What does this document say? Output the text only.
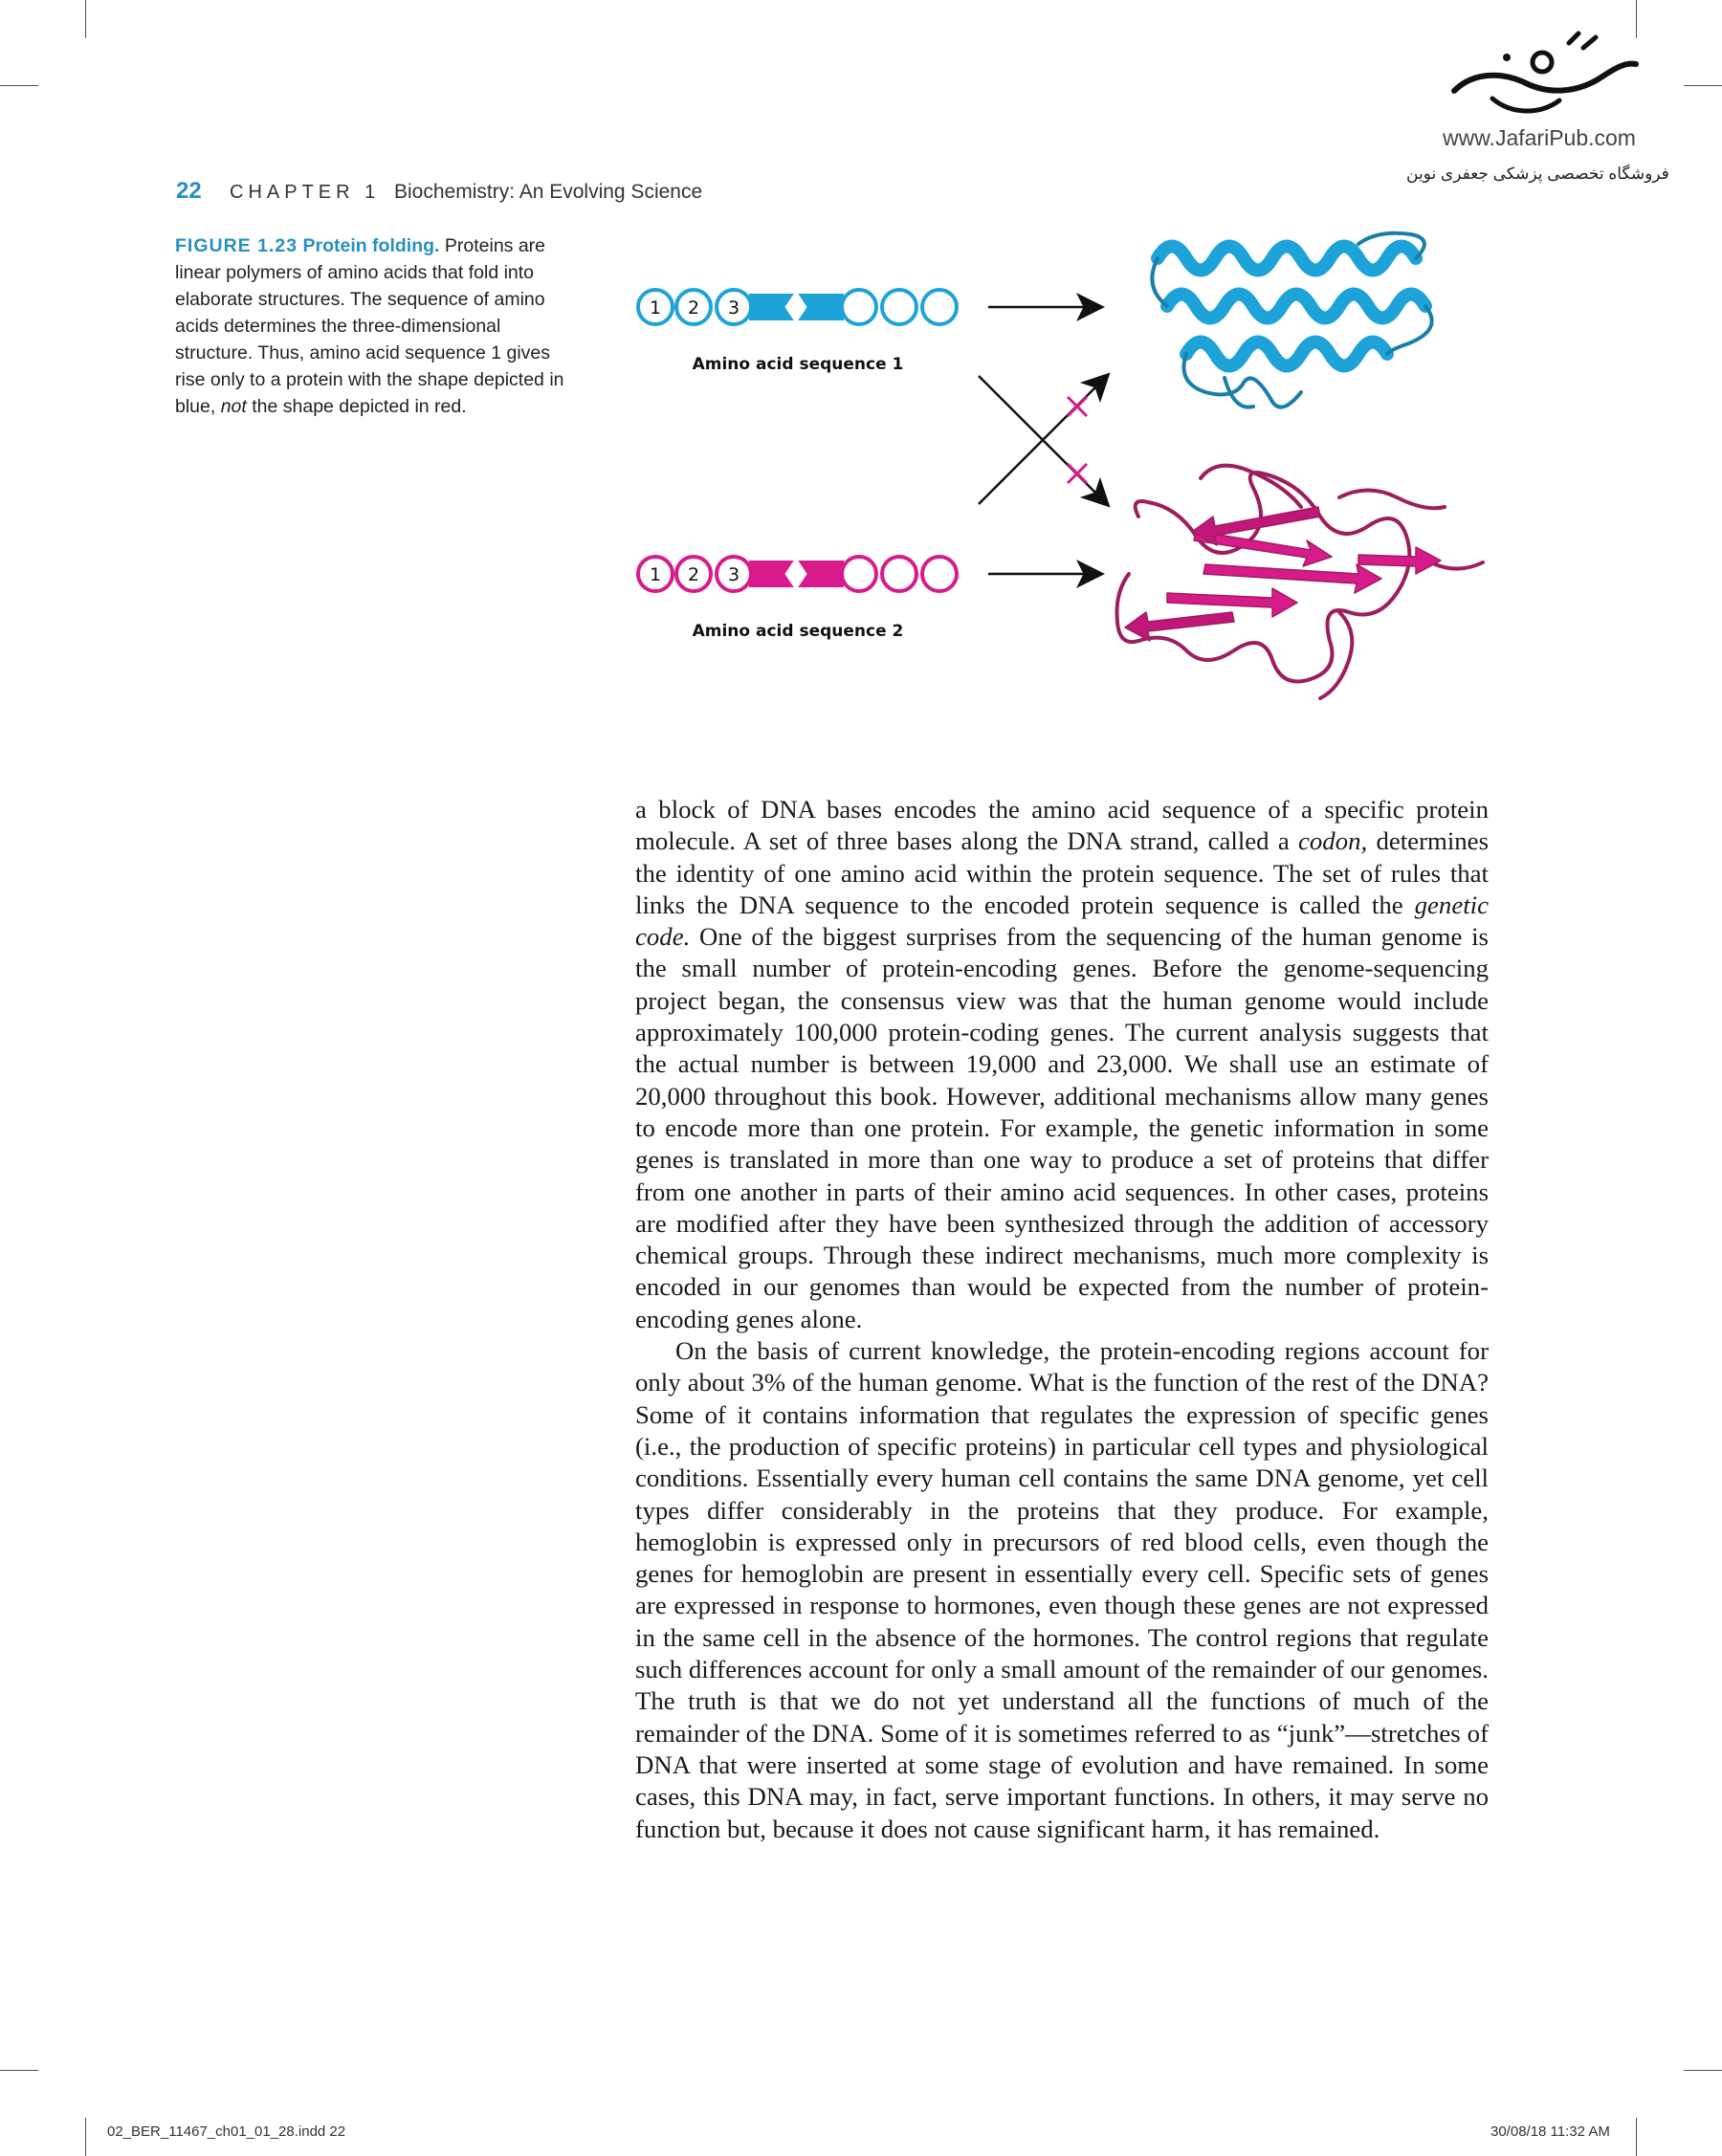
www.JafariPub.com
فروشگاه تخصصی پزشکی جعفری نوین
22 CHAPTER 1 Biochemistry: An Evolving Science
FIGURE 1.23 Protein folding. Proteins are linear polymers of amino acids that fold into elaborate structures. The sequence of amino acids determines the three-dimensional structure. Thus, amino acid sequence 1 gives rise only to a protein with the shape depicted in blue, not the shape depicted in red.
1 2 3
Amino acid sequence 1
1 2 3
Amino acid sequence 2

a block of DNA bases encodes the amino acid sequence of a specific protein molecule. A set of three bases along the DNA strand, called a codon, determines the identity of one amino acid within the protein sequence. The set of rules that links the DNA sequence to the encoded protein sequence is called the genetic code. One of the biggest surprises from the sequencing of the human genome is the small number of protein-encoding genes. Before the genome-sequencing project began, the consensus view was that the human genome would include approximately 100,000 protein-coding genes. The current analysis suggests that the actual number is between 19,000 and 23,000. We shall use an estimate of 20,000 throughout this book. However, additional mechanisms allow many genes to encode more than one protein. For example, the genetic information in some genes is translated in more than one way to produce a set of proteins that differ from one another in parts of their amino acid sequences. In other cases, proteins are modified after they have been synthesized through the addition of accessory chemical groups. Through these indirect mechanisms, much more complexity is encoded in our genomes than would be expected from the number of protein-encoding genes alone.

On the basis of current knowledge, the protein-encoding regions account for only about 3% of the human genome. What is the function of the rest of the DNA? Some of it contains information that regulates the expression of specific genes (i.e., the production of specific proteins) in particular cell types and physiological conditions. Essentially every human cell contains the same DNA genome, yet cell types differ considerably in the proteins that they produce. For example, hemoglobin is expressed only in precursors of red blood cells, even though the genes for hemoglobin are present in essentially every cell. Specific sets of genes are expressed in response to hormones, even though these genes are not expressed in the same cell in the absence of the hormones. The control regions that regulate such differences account for only a small amount of the remainder of our genomes. The truth is that we do not yet understand all the functions of much of the remainder of the DNA. Some of it is sometimes referred to as “junk”—stretches of DNA that were inserted at some stage of evolution and have remained. In some cases, this DNA may, in fact, serve important functions. In others, it may serve no function but, because it does not cause significant harm, it has remained.

02_BER_11467_ch01_01_28.indd 22	30/08/18 11:32 AM
